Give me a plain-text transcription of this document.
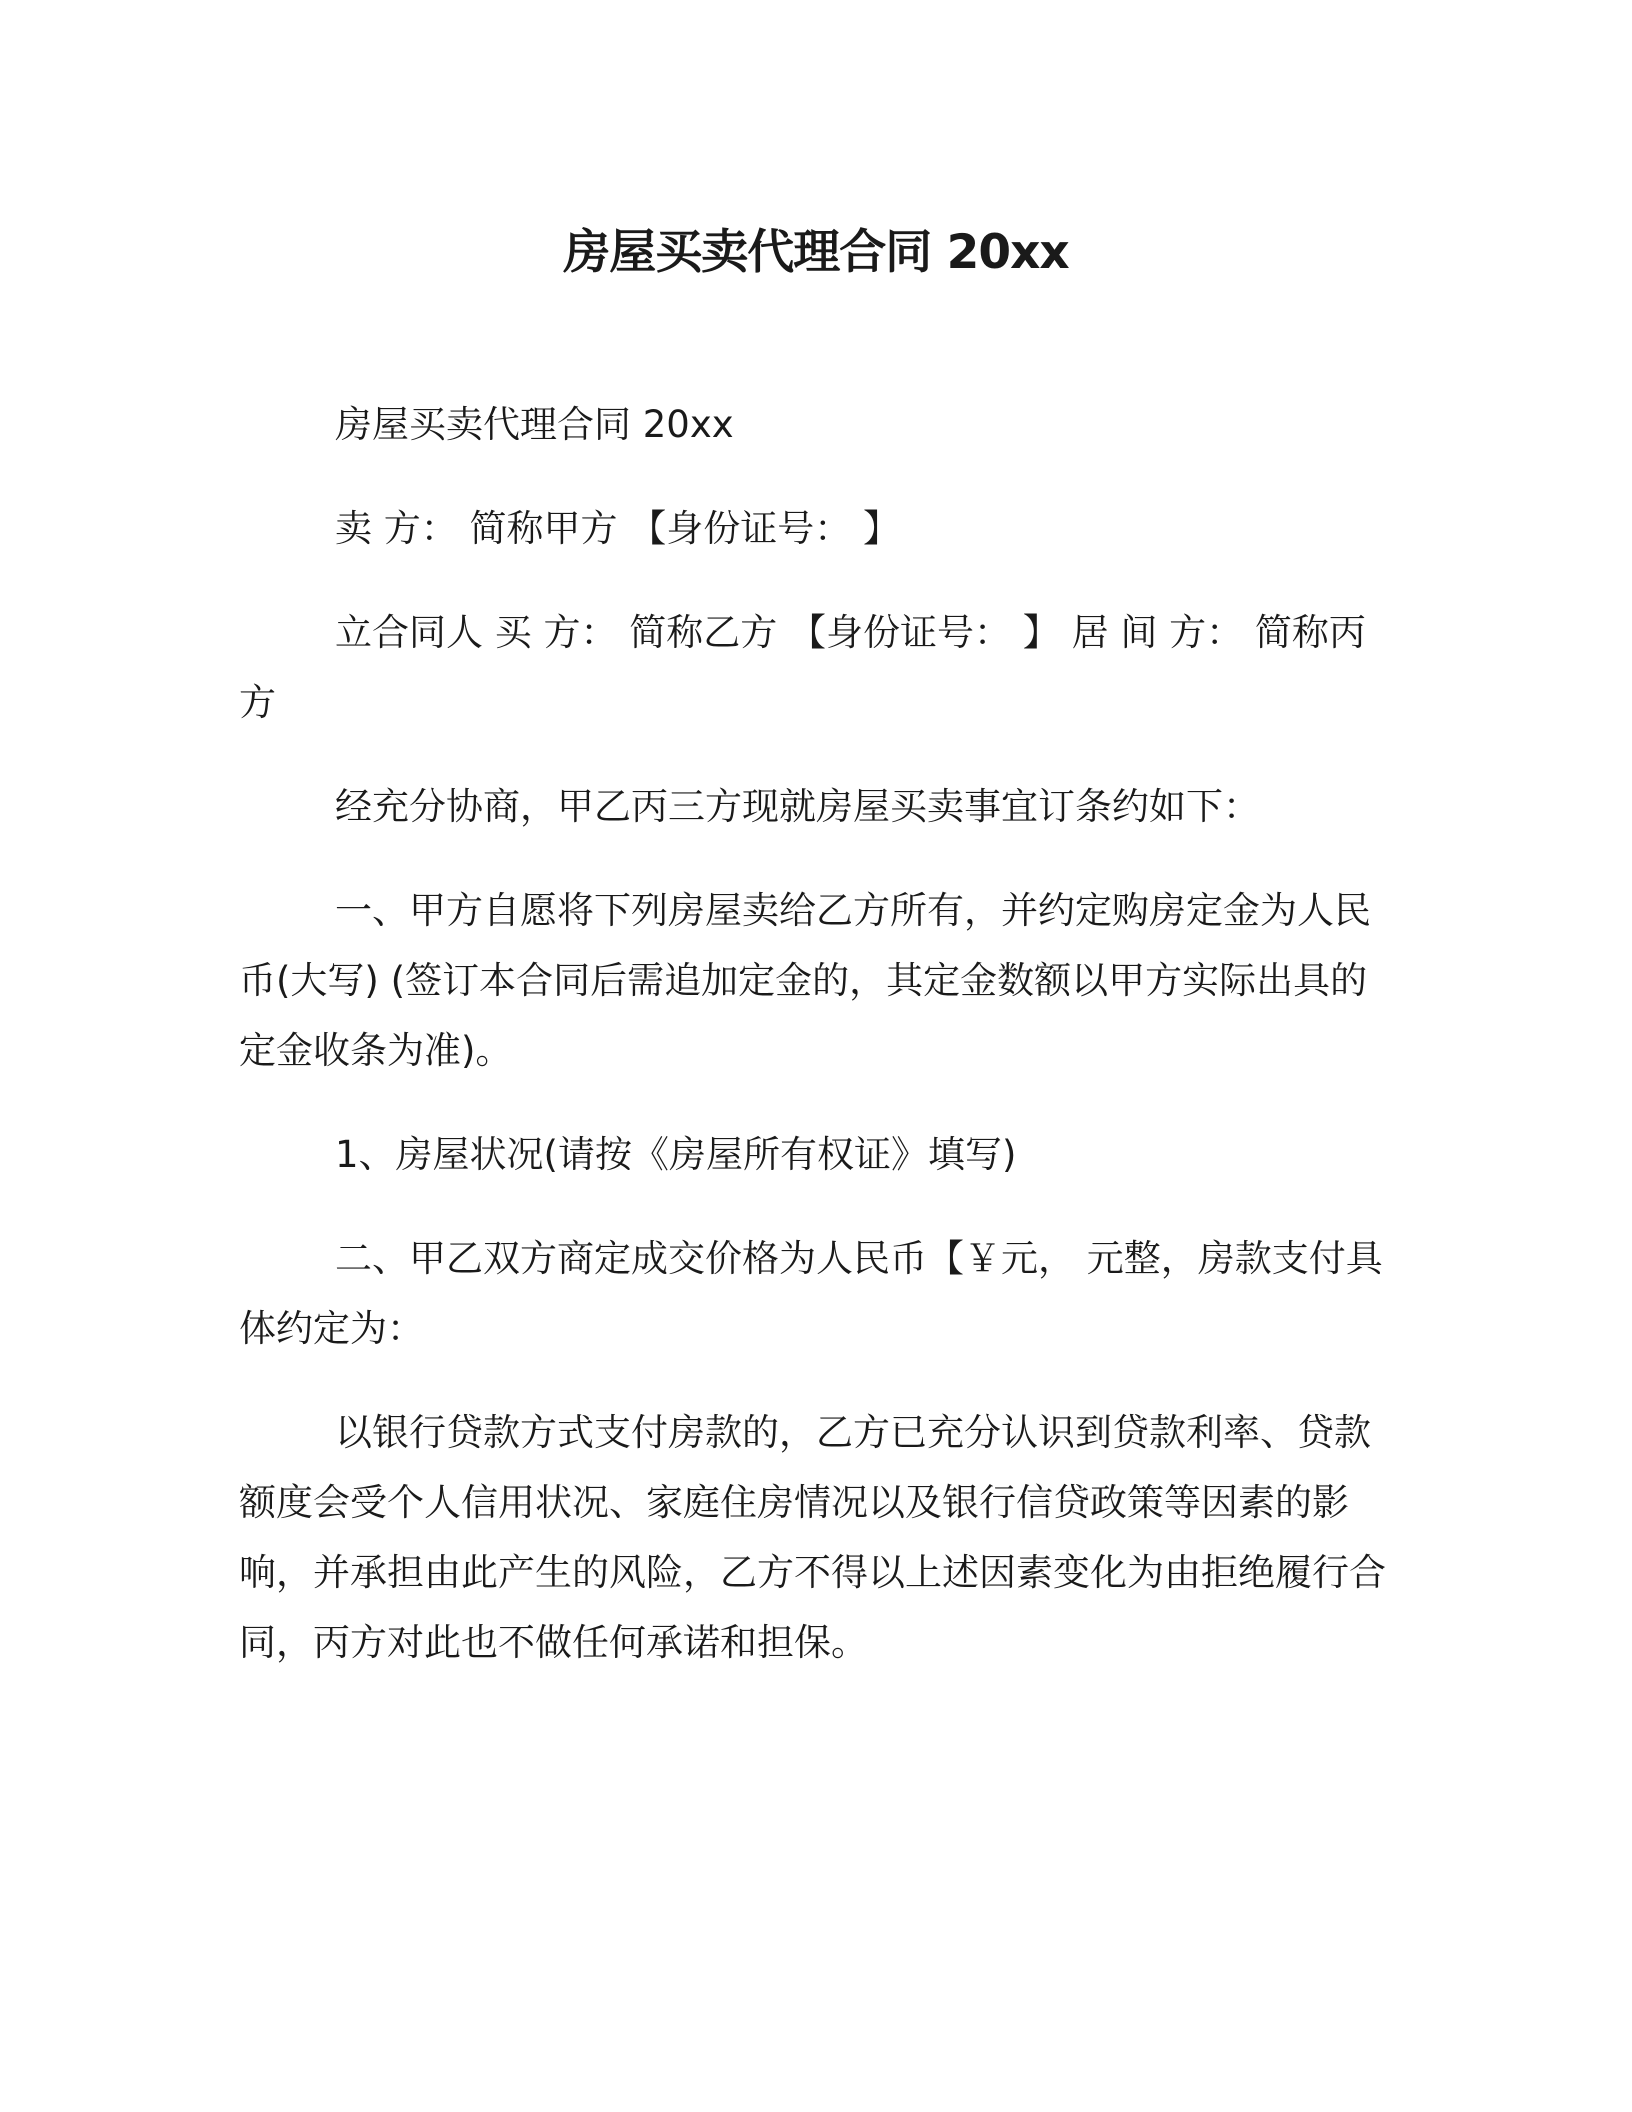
房屋买卖代理合同 20xx

房屋买卖代理合同 20xx

卖 方： 简称甲方 【身份证号： 】

立合同人 买 方： 简称乙方 【身份证号： 】 居 间 方： 简称丙方

经充分协商，甲乙丙三方现就房屋买卖事宜订条约如下：

一、甲方自愿将下列房屋卖给乙方所有，并约定购房定金为人民币(大写) (签订本合同后需追加定金的，其定金数额以甲方实际出具的定金收条为准)。

1、房屋状况(请按《房屋所有权证》填写)

二、甲乙双方商定成交价格为人民币【￥元， 元整，房款支付具体约定为：

以银行贷款方式支付房款的，乙方已充分认识到贷款利率、贷款额度会受个人信用状况、家庭住房情况以及银行信贷政策等因素的影响，并承担由此产生的风险，乙方不得以上述因素变化为由拒绝履行合同，丙方对此也不做任何承诺和担保。
